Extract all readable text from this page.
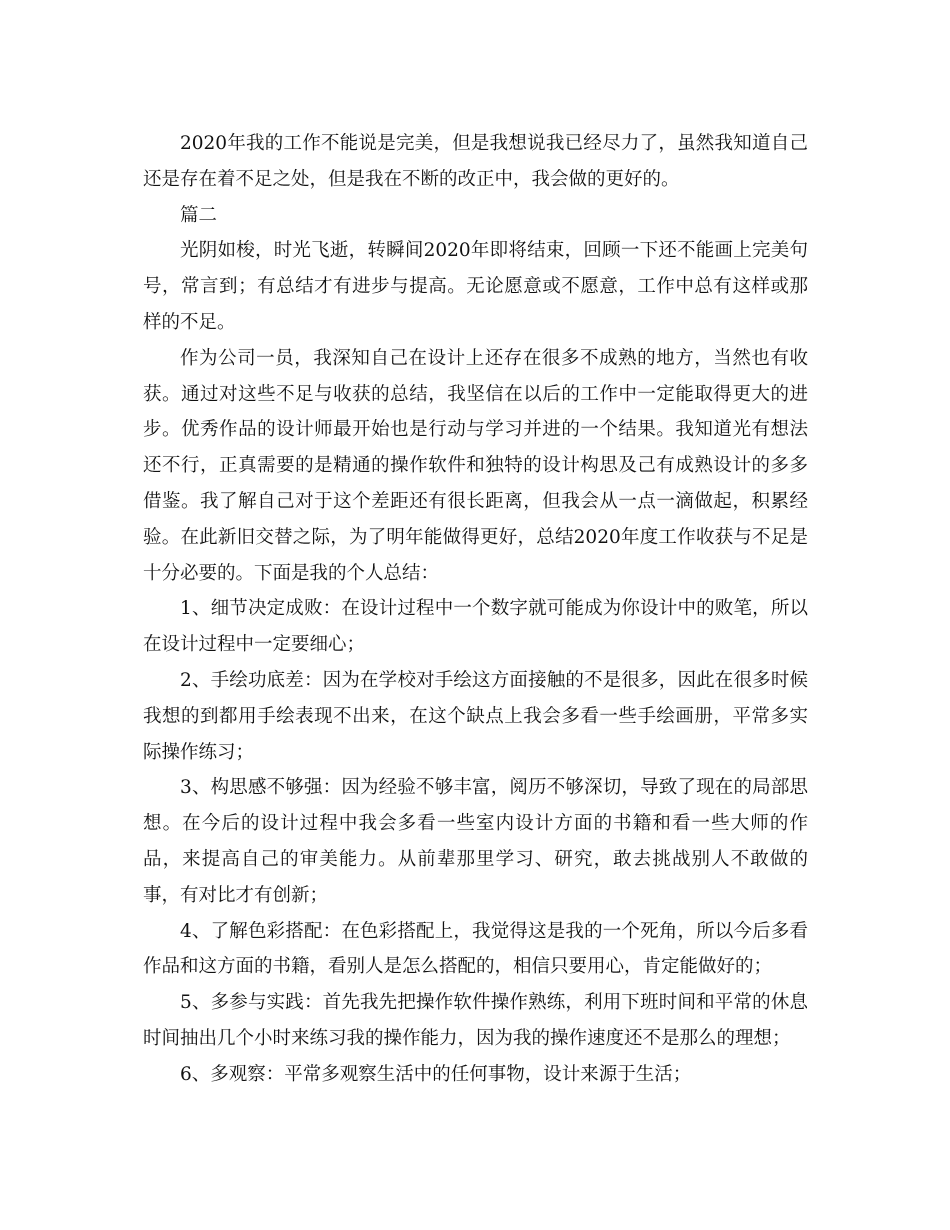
2020年我的工作不能说是完美，但是我想说我已经尽力了，虽然我知道自己还是存在着不足之处，但是我在不断的改正中，我会做的更好的。

篇二

光阴如梭，时光飞逝，转瞬间2020年即将结束，回顾一下还不能画上完美句号，常言到；有总结才有进步与提高。无论愿意或不愿意，工作中总有这样或那样的不足。

作为公司一员，我深知自己在设计上还存在很多不成熟的地方，当然也有收获。通过对这些不足与收获的总结，我坚信在以后的工作中一定能取得更大的进步。优秀作品的设计师最开始也是行动与学习并进的一个结果。我知道光有想法还不行，正真需要的是精通的操作软件和独特的设计构思及己有成熟设计的多多借鉴。我了解自己对于这个差距还有很长距离，但我会从一点一滴做起，积累经验。在此新旧交替之际，为了明年能做得更好，总结2020年度工作收获与不足是十分必要的。下面是我的个人总结：

1、细节决定成败：在设计过程中一个数字就可能成为你设计中的败笔，所以在设计过程中一定要细心；

2、手绘功底差：因为在学校对手绘这方面接触的不是很多，因此在很多时候我想的到都用手绘表现不出来，在这个缺点上我会多看一些手绘画册，平常多实际操作练习；

3、构思感不够强：因为经验不够丰富，阅历不够深切，导致了现在的局部思想。在今后的设计过程中我会多看一些室内设计方面的书籍和看一些大师的作品，来提高自己的审美能力。从前辈那里学习、研究，敢去挑战别人不敢做的事，有对比才有创新；

4、了解色彩搭配：在色彩搭配上，我觉得这是我的一个死角，所以今后多看作品和这方面的书籍，看别人是怎么搭配的，相信只要用心，肯定能做好的；

5、多参与实践：首先我先把操作软件操作熟练，利用下班时间和平常的休息时间抽出几个小时来练习我的操作能力，因为我的操作速度还不是那么的理想；

6、多观察：平常多观察生活中的任何事物，设计来源于生活；
